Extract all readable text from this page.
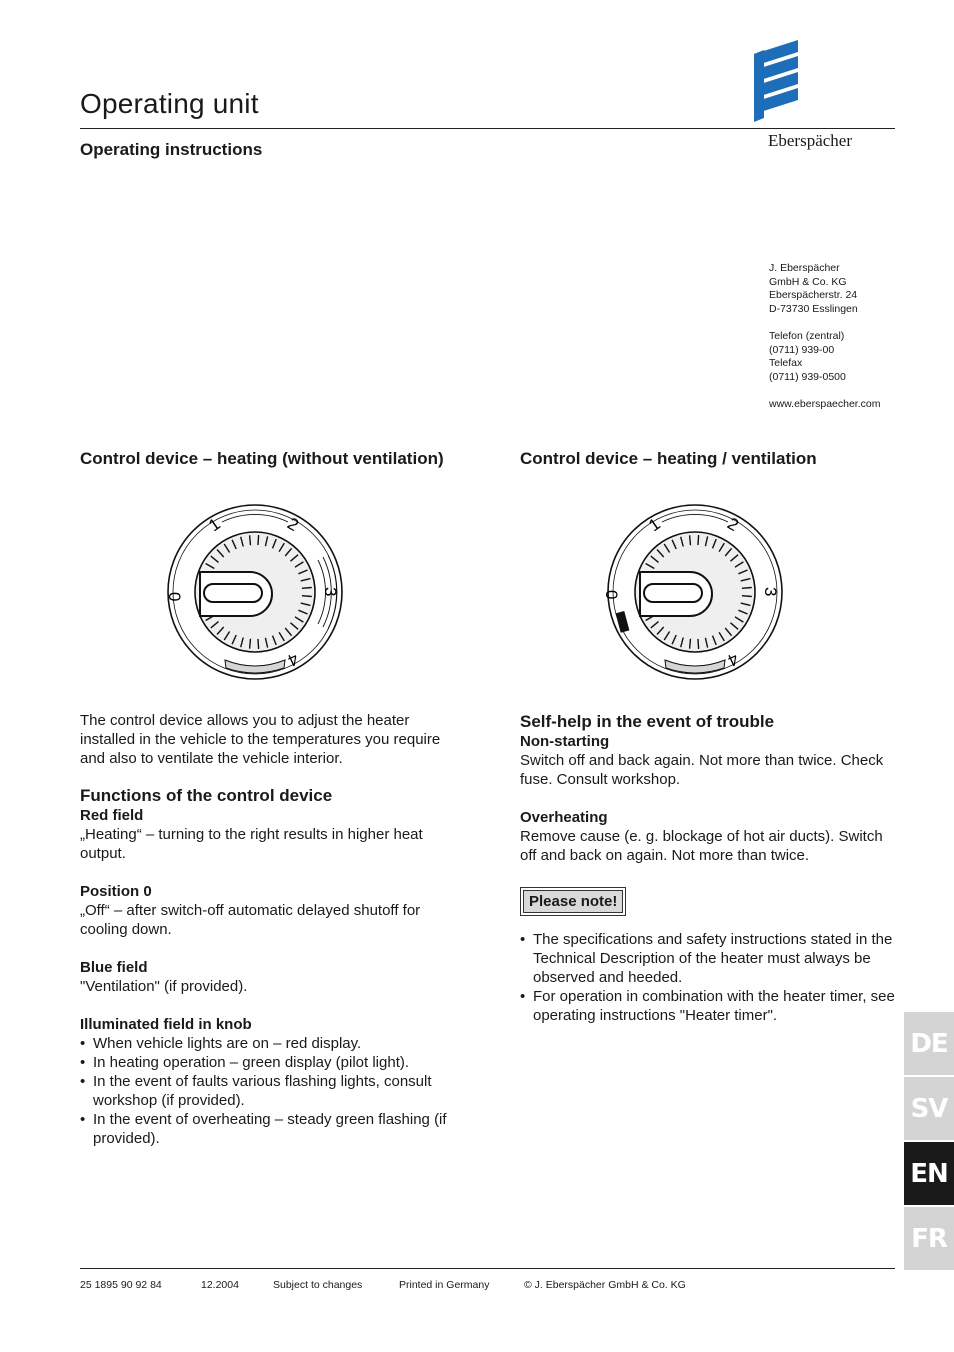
Operating unit
Operating instructions	Eberspächer
J. Eberspächer
GmbH & Co. KG
Eberspächerstr. 24
D-73730 Esslingen
Telefon (zentral)
(0711) 939-00
Telefax
(0711) 939-0500
www.eberspaecher.com
Control device – heating (without ventilation)	Control device – heating / ventilation
0
1	2
3
4
0
1	2
3
4
The control device allows you to adjust the heater installed in the vehicle to the temperatures you require and also to ventilate the vehicle interior.
Functions of the control device
Red field
„Heating“ – turning to the right results in higher heat output.
Position 0
„Off“ – after switch-off automatic delayed shutoff for cooling down.
Blue field
"Ventilation" (if provided).
Illuminated field in knob
• When vehicle lights are on – red display.
• In heating operation – green display (pilot light).
• In the event of faults various flashing lights, consult workshop (if provided).
• In the event of overheating – steady green flashing (if provided).
Self-help in the event of trouble
Non-starting
Switch off and back again. Not more than twice. Check fuse. Consult workshop.
Overheating
Remove cause (e. g. blockage of hot air ducts). Switch off and back on again. Not more than twice.
Please note!
• The specifications and safety instructions stated in the Technical Description of the heater must always be observed and heeded.
• For operation in combination with the heater timer, see operating instructions "Heater timer".
DE
SV
EN
FR
25 1895 90 92 84	12.2004	Subject to changes	Printed in Germany	© J. Eberspächer GmbH & Co. KG
